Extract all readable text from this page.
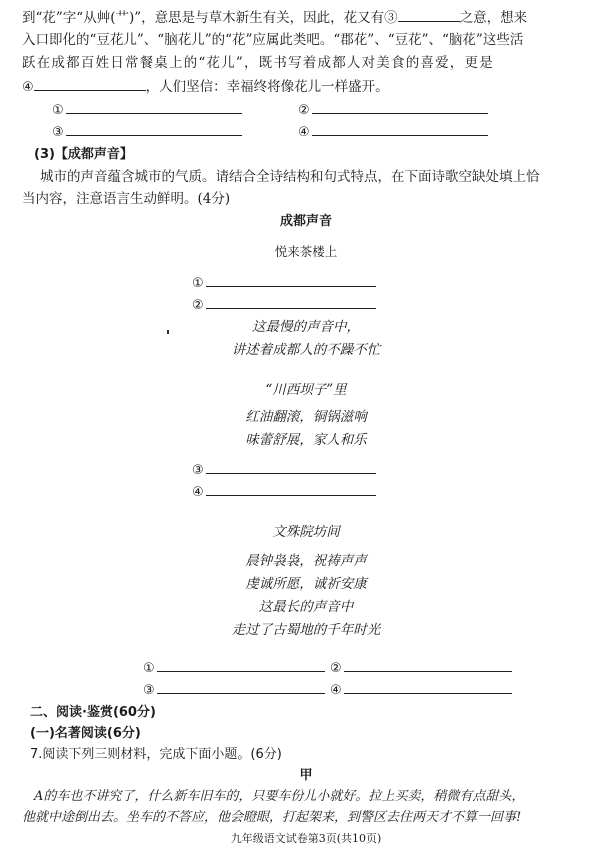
到“花”字“从艸(艹)”，意思是与草木新生有关，因此，花又有③	之意，想来
入口即化的“豆花儿”、“脑花儿”的“花”应属此类吧。“郡花”、“豆花”、“脑花”这些活
跃在成都百姓日常餐桌上的“花儿”，既书写着成都人对美食的喜爱，更是
④	，人们坚信：幸福终将像花儿一样盛开。
①	②
③	④
(3)【成都声音】
城市的声音蕴含城市的气质。请结合全诗结构和句式特点，在下面诗歌空缺处填上恰
当内容，注意语言生动鲜明。(4分)
成都声音
悦来茶楼上
①
②
这最慢的声音中，
讲述着成都人的不躁不忙
“川西坝子”里
红油翻滚，铜锅滋响
味蕾舒展，家人和乐
③
④
文殊院坊间
晨钟袅袅，祝祷声声
虔诚所愿，诚祈安康
这最长的声音中
走过了古蜀地的千年时光
①	②
③	④
二、阅读·鉴赏(60分)
(一)名著阅读(6分)
7.阅读下列三则材料，完成下面小题。(6分)
甲
A的车也不讲究了，什么新车旧车的，只要车份儿小就好。拉上买卖，稍微有点甜头，
他就中途倒出去。坐车的不答应，他会瞪眼，打起架来，到警区去住两天才不算一回事!
九年级语文试卷第3页(共10页)
